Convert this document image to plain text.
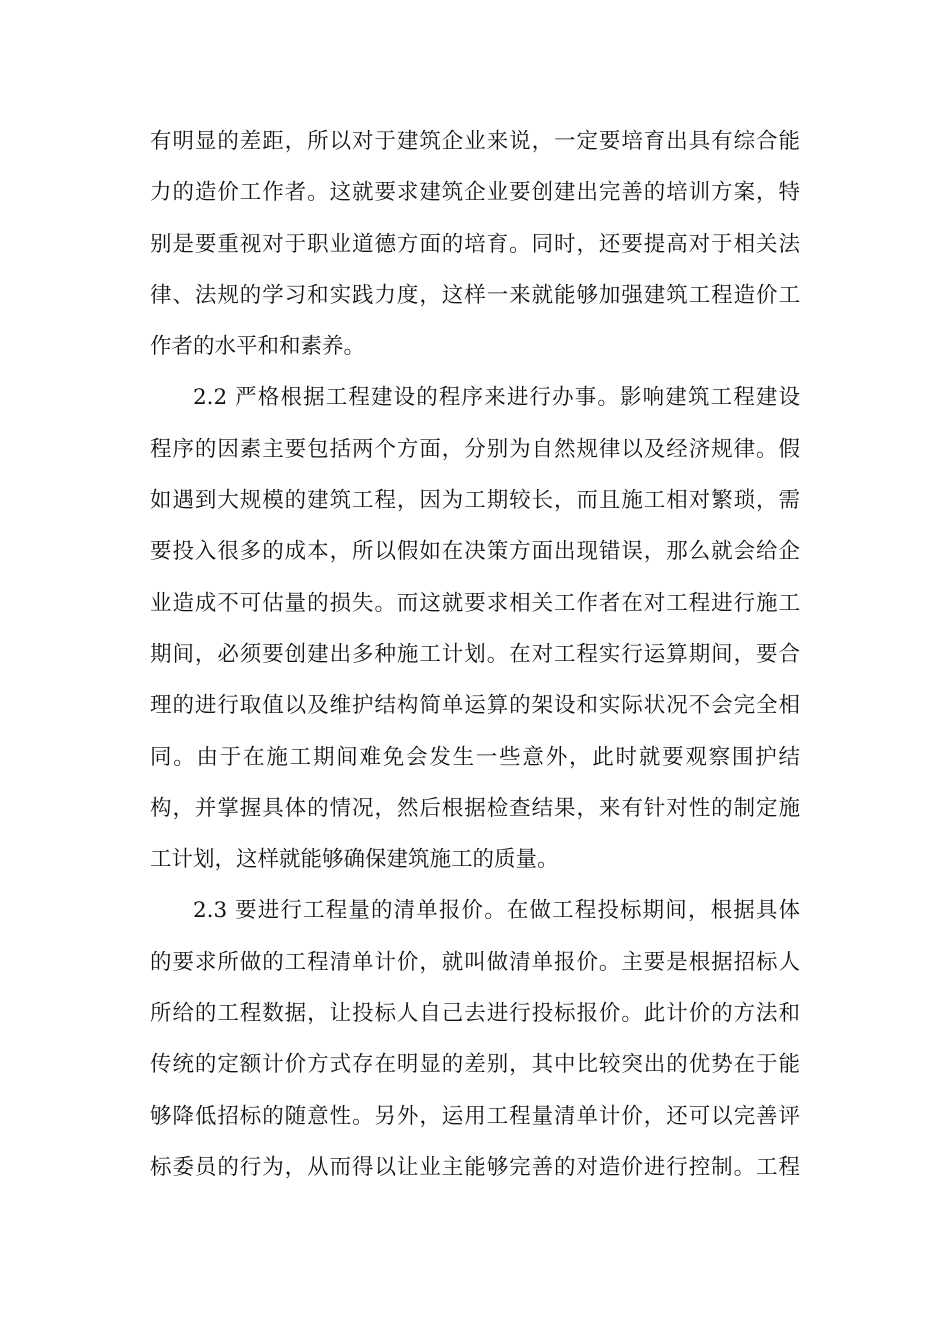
有明显的差距，所以对于建筑企业来说，一定要培育出具有综合能
力的造价工作者。这就要求建筑企业要创建出完善的培训方案，特
别是要重视对于职业道德方面的培育。同时，还要提高对于相关法
律、法规的学习和实践力度，这样一来就能够加强建筑工程造价工
作者的水平和和素养。
2.2 严格根据工程建设的程序来进行办事。影响建筑工程建设
程序的因素主要包括两个方面，分别为自然规律以及经济规律。假
如遇到大规模的建筑工程，因为工期较长，而且施工相对繁琐，需
要投入很多的成本，所以假如在决策方面出现错误，那么就会给企
业造成不可估量的损失。而这就要求相关工作者在对工程进行施工
期间，必须要创建出多种施工计划。在对工程实行运算期间，要合
理的进行取值以及维护结构简单运算的架设和实际状况不会完全相
同。由于在施工期间难免会发生一些意外，此时就要观察围护结
构，并掌握具体的情况，然后根据检查结果，来有针对性的制定施
工计划，这样就能够确保建筑施工的质量。
2.3 要进行工程量的清单报价。在做工程投标期间，根据具体
的要求所做的工程清单计价，就叫做清单报价。主要是根据招标人
所给的工程数据，让投标人自己去进行投标报价。此计价的方法和
传统的定额计价方式存在明显的差别，其中比较突出的优势在于能
够降低招标的随意性。另外，运用工程量清单计价，还可以完善评
标委员的行为，从而得以让业主能够完善的对造价进行控制。工程
